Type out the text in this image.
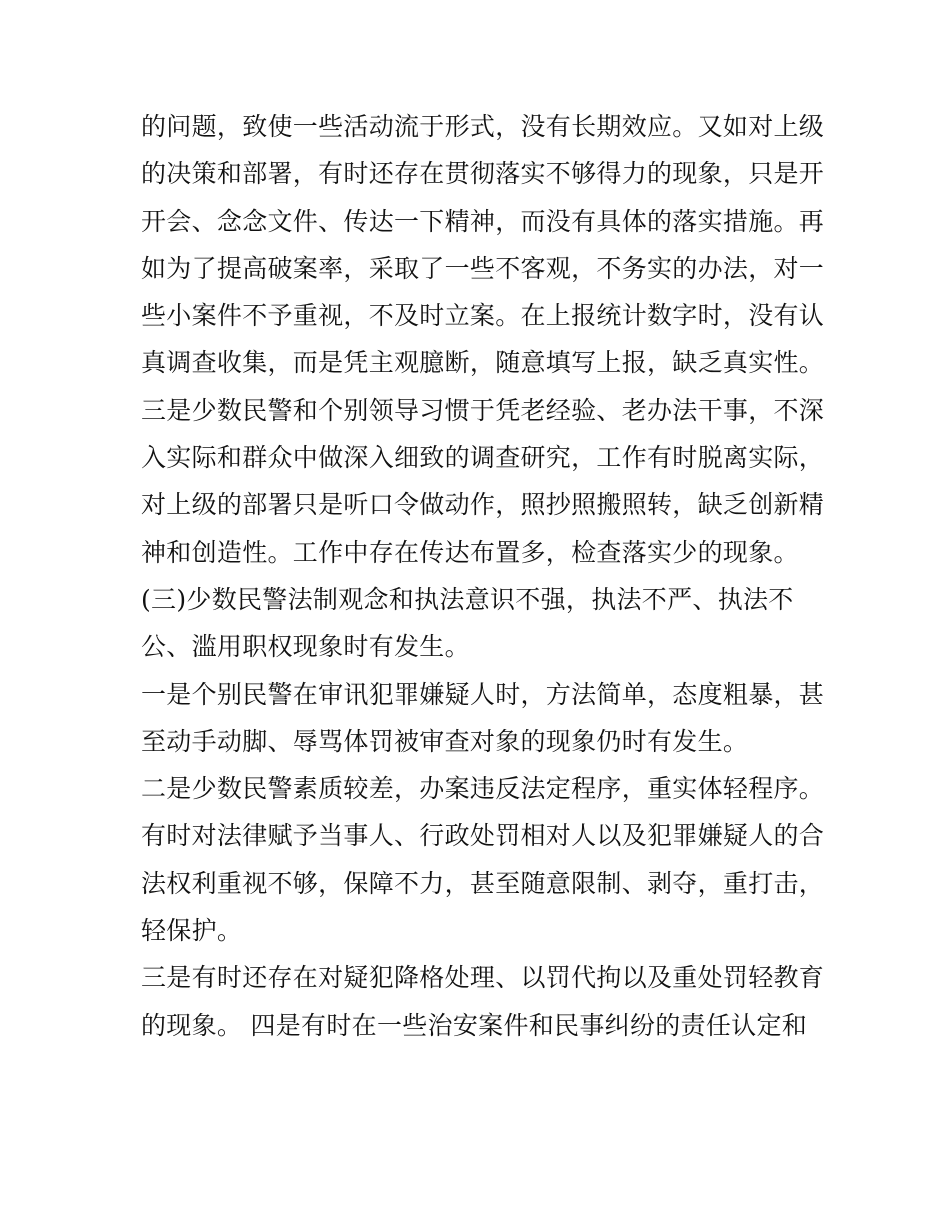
的问题，致使一些活动流于形式，没有长期效应。又如对上级
的决策和部署，有时还存在贯彻落实不够得力的现象，只是开
开会、念念文件、传达一下精神，而没有具体的落实措施。再
如为了提高破案率，采取了一些不客观，不务实的办法，对一
些小案件不予重视，不及时立案。在上报统计数字时，没有认
真调查收集，而是凭主观臆断，随意填写上报，缺乏真实性。
三是少数民警和个别领导习惯于凭老经验、老办法干事，不深
入实际和群众中做深入细致的调查研究，工作有时脱离实际，
对上级的部署只是听口令做动作，照抄照搬照转，缺乏创新精
神和创造性。工作中存在传达布置多，检查落实少的现象。
(三)少数民警法制观念和执法意识不强，执法不严、执法不
公、滥用职权现象时有发生。
一是个别民警在审讯犯罪嫌疑人时，方法简单，态度粗暴，甚
至动手动脚、辱骂体罚被审查对象的现象仍时有发生。
二是少数民警素质较差，办案违反法定程序，重实体轻程序。
有时对法律赋予当事人、行政处罚相对人以及犯罪嫌疑人的合
法权利重视不够，保障不力，甚至随意限制、剥夺，重打击，
轻保护。
三是有时还存在对疑犯降格处理、以罚代拘以及重处罚轻教育
的现象。 四是有时在一些治安案件和民事纠纷的责任认定和
